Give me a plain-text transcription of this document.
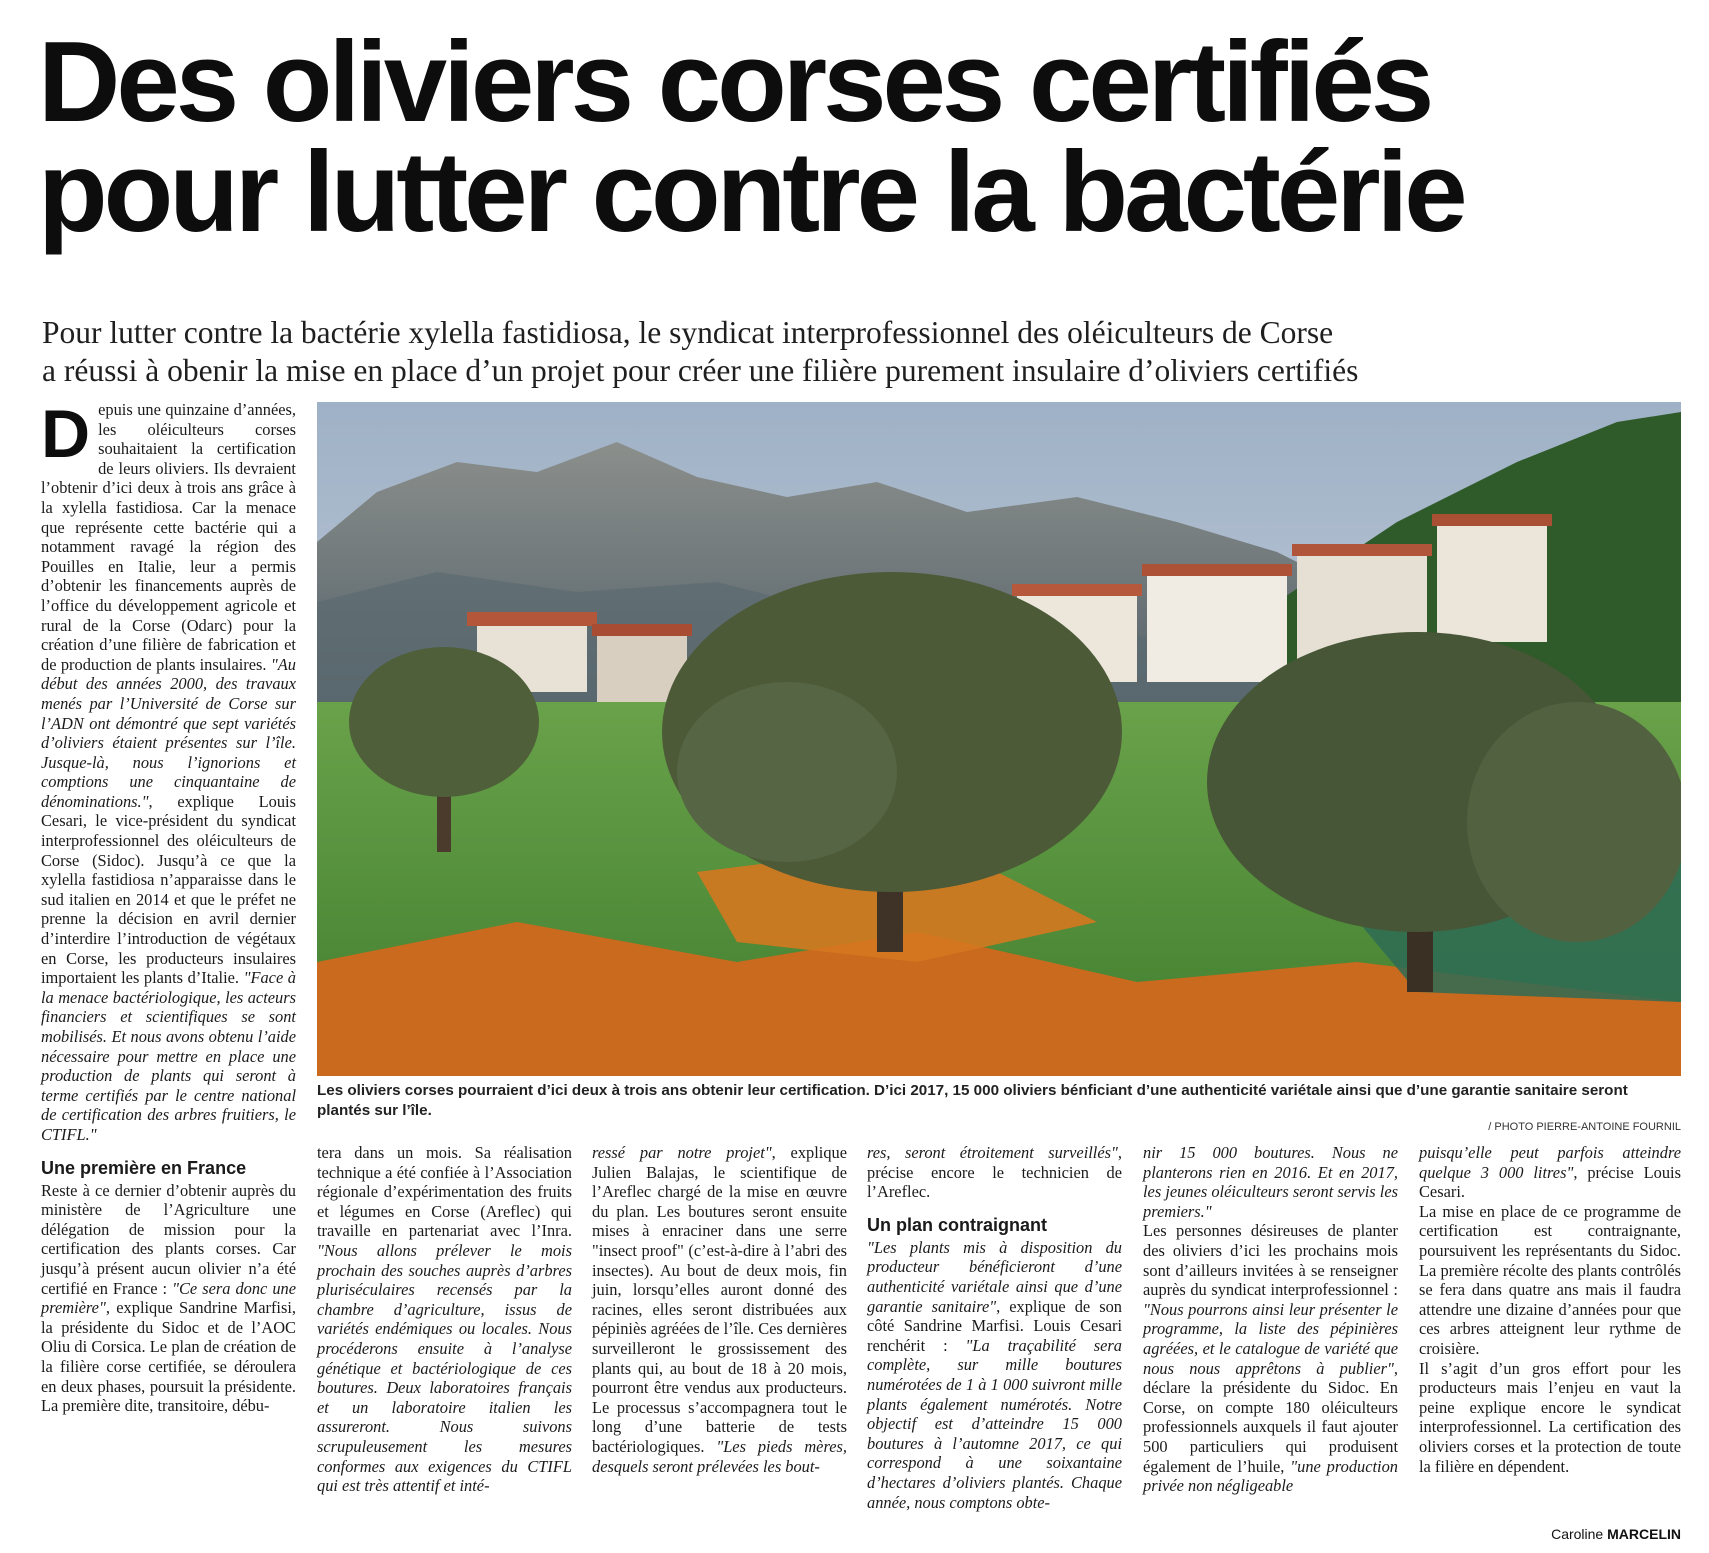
Des oliviers corses certifiés
pour lutter contre la bactérie

Pour lutter contre la bactérie xylella fastidiosa, le syndicat interprofessionnel des oléiculteurs de Corse
a réussi à obenir la mise en place d’un projet pour créer une filière purement insulaire d’oliviers certifiés

D epuis une quinzaine d’années, les oléiculteurs corses souhaitaient la certification de leurs oliviers. Ils devraient l’obtenir d’ici deux à trois ans grâce à la xylella fastidiosa. Car la menace que représente cette bactérie qui a notamment ravagé la région des Pouilles en Italie, leur a permis d’obtenir les financements auprès de l’office du développement agricole et rural de la Corse (Odarc) pour la création d’une filière de fabrication et de production de plants insulaires. "Au début des années 2000, des travaux menés par l’Université de Corse sur l’ADN ont démontré que sept variétés d’oliviers étaient présentes sur l’île. Jusque-là, nous l’ignorions et comptions une cinquantaine de dénominations.", explique Louis Cesari, le vice-président du syndicat interprofessionnel des oléiculteurs de Corse (Sidoc). Jusqu’à ce que la xylella fastidiosa n’apparaisse dans le sud italien en 2014 et que le préfet ne prenne la décision en avril dernier d’interdire l’introduction de végétaux en Corse, les producteurs insulaires importaient les plants d’Italie. "Face à la menace bactériologique, les acteurs financiers et scientifiques se sont mobilisés. Et nous avons obtenu l’aide nécessaire pour mettre en place une production de plants qui seront à terme certifiés par le centre national de certification des arbres fruitiers, le CTIFL."

Une première en France

Reste à ce dernier d’obtenir auprès du ministère de l’Agriculture une délégation de mission pour la certification des plants corses. Car jusqu’à présent aucun olivier n’a été certifié en France : "Ce sera donc une première", explique Sandrine Marfisi, la présidente du Sidoc et de l’AOC Oliu di Corsica. Le plan de création de la filière corse certifiée, se déroulera en deux phases, poursuit la présidente. La première dite, transitoire, débu-

Les oliviers corses pourraient d’ici deux à trois ans obtenir leur certification. D’ici 2017, 15 000 oliviers bénficiant d’une authenticité variétale ainsi que d’une garantie sanitaire seront plantés sur l’île.

/ PHOTO PIERRE-ANTOINE FOURNIL

tera dans un mois. Sa réalisation technique a été confiée à l’Association régionale d’expérimentation des fruits et légumes en Corse (Areflec) qui travaille en partenariat avec l’Inra. "Nous allons prélever le mois prochain des souches auprès d’arbres pluriséculaires recensés par la chambre d’agriculture, issus de variétés endémiques ou locales. Nous procéderons ensuite à l’analyse génétique et bactériologique de ces boutures. Deux laboratoires français et un laboratoire italien les assureront. Nous suivons scrupuleusement les mesures conformes aux exigences du CTIFL qui est très attentif et inté-

ressé par notre projet", explique Julien Balajas, le scientifique de l’Areflec chargé de la mise en œuvre du plan. Les boutures seront ensuite mises à enraciner dans une serre "insect proof" (c’est-à-dire à l’abri des insectes). Au bout de deux mois, fin juin, lorsqu’elles auront donné des racines, elles seront distribuées aux pépiniès agréées de l’île. Ces dernières surveilleront le grossissement des plants qui, au bout de 18 à 20 mois, pourront être vendus aux producteurs. Le processus s’accompagnera tout le long d’une batterie de tests bactériologiques. "Les pieds mères, desquels seront prélevées les bout-

res, seront étroitement surveillés", précise encore le technicien de l’Areflec.

Un plan contraignant

"Les plants mis à disposition du producteur bénéficieront d’une authenticité variétale ainsi que d’une garantie sanitaire", explique de son côté Sandrine Marfisi. Louis Cesari renchérit : "La traçabilité sera complète, sur mille boutures numérotées de 1 à 1 000 suivront mille plants également numérotés. Notre objectif est d’atteindre 15 000 boutures à l’automne 2017, ce qui correspond à une soixantaine d’hectares d’oliviers plantés. Chaque année, nous comptons obte-

nir 15 000 boutures. Nous ne planterons rien en 2016. Et en 2017, les jeunes oléiculteurs seront servis les premiers."

Les personnes désireuses de planter des oliviers d’ici les prochains mois sont d’ailleurs invitées à se renseigner auprès du syndicat interprofessionnel : "Nous pourrons ainsi leur présenter le programme, la liste des pépinières agréées, et le catalogue de variété que nous nous apprêtons à publier", déclare la présidente du Sidoc. En Corse, on compte 180 oléiculteurs professionnels auxquels il faut ajouter 500 particuliers qui produisent également de l’huile, "une production privée non négligeable

puisqu’elle peut parfois atteindre quelque 3 000 litres", précise Louis Cesari.

La mise en place de ce programme de certification est contraignante, poursuivent les représentants du Sidoc. La première récolte des plants contrôlés se fera dans quatre ans mais il faudra attendre une dizaine d’années pour que ces arbres atteignent leur rythme de croisière.

Il s’agit d’un gros effort pour les producteurs mais l’enjeu en vaut la peine explique encore le syndicat interprofessionnel. La certification des oliviers corses et la protection de toute la filière en dépendent.

Caroline MARCELIN
